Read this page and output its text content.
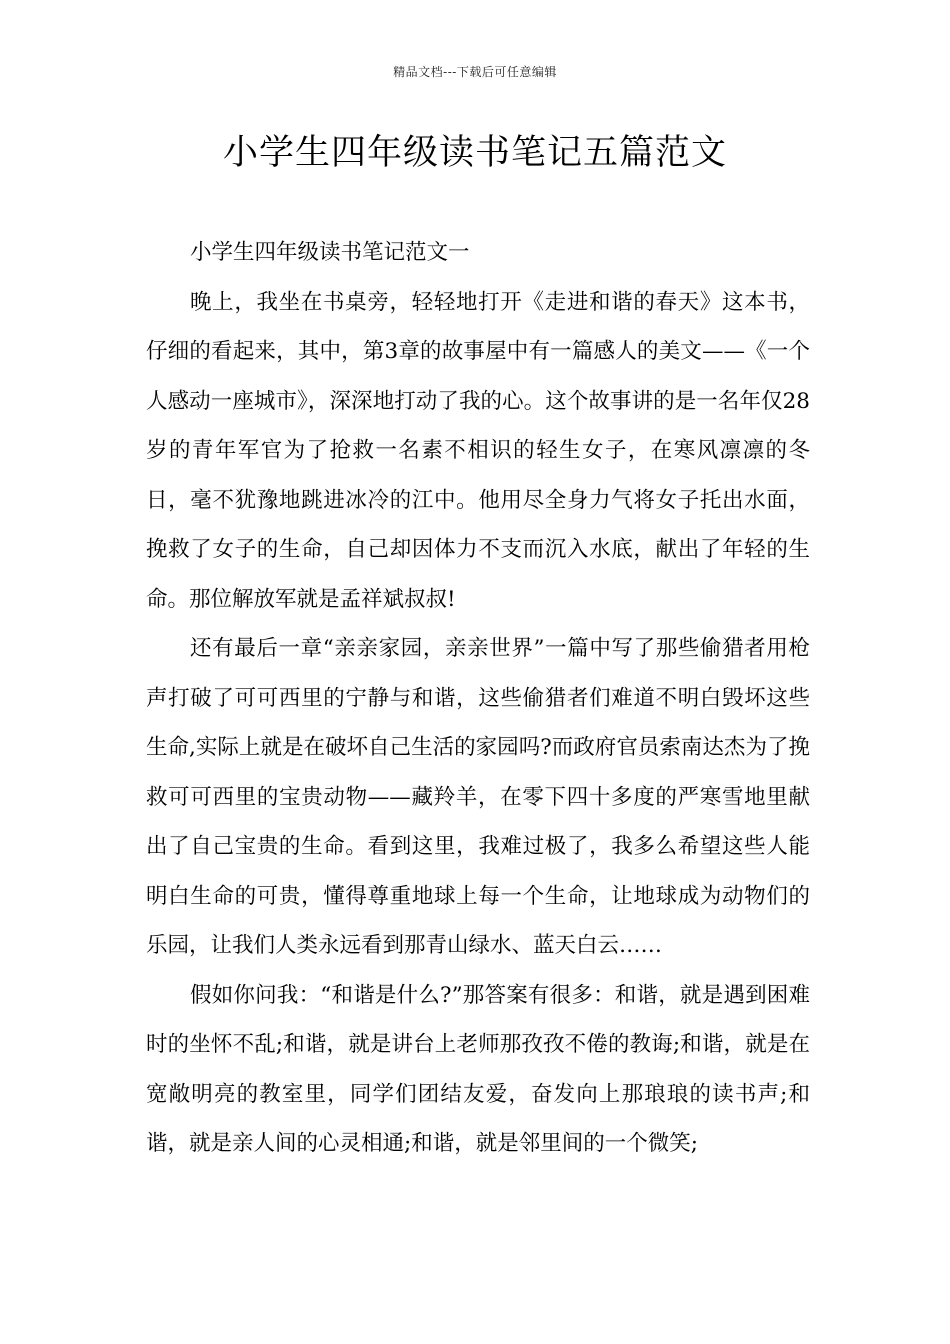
精品文档---下载后可任意编辑
小学生四年级读书笔记五篇范文

小学生四年级读书笔记范文一

晚上，我坐在书桌旁，轻轻地打开《走进和谐的春天》这本书，仔细的看起来，其中，第3章的故事屋中有一篇感人的美文——《一个人感动一座城市》，深深地打动了我的心。这个故事讲的是一名年仅28岁的青年军官为了抢救一名素不相识的轻生女子，在寒风凛凛的冬日，毫不犹豫地跳进冰冷的江中。他用尽全身力气将女子托出水面，挽救了女子的生命，自己却因体力不支而沉入水底，献出了年轻的生命。那位解放军就是孟祥斌叔叔!

还有最后一章“亲亲家园，亲亲世界”一篇中写了那些偷猎者用枪声打破了可可西里的宁静与和谐，这些偷猎者们难道不明白毁坏这些生命,实际上就是在破坏自己生活的家园吗?而政府官员索南达杰为了挽救可可西里的宝贵动物——藏羚羊，在零下四十多度的严寒雪地里献出了自己宝贵的生命。看到这里，我难过极了，我多么希望这些人能明白生命的可贵，懂得尊重地球上每一个生命，让地球成为动物们的乐园，让我们人类永远看到那青山绿水、蓝天白云……

假如你问我：“和谐是什么?”那答案有很多：和谐，就是遇到困难时的坐怀不乱;和谐，就是讲台上老师那孜孜不倦的教诲;和谐，就是在宽敞明亮的教室里，同学们团结友爱，奋发向上那琅琅的读书声;和谐，就是亲人间的心灵相通;和谐，就是邻里间的一个微笑;
